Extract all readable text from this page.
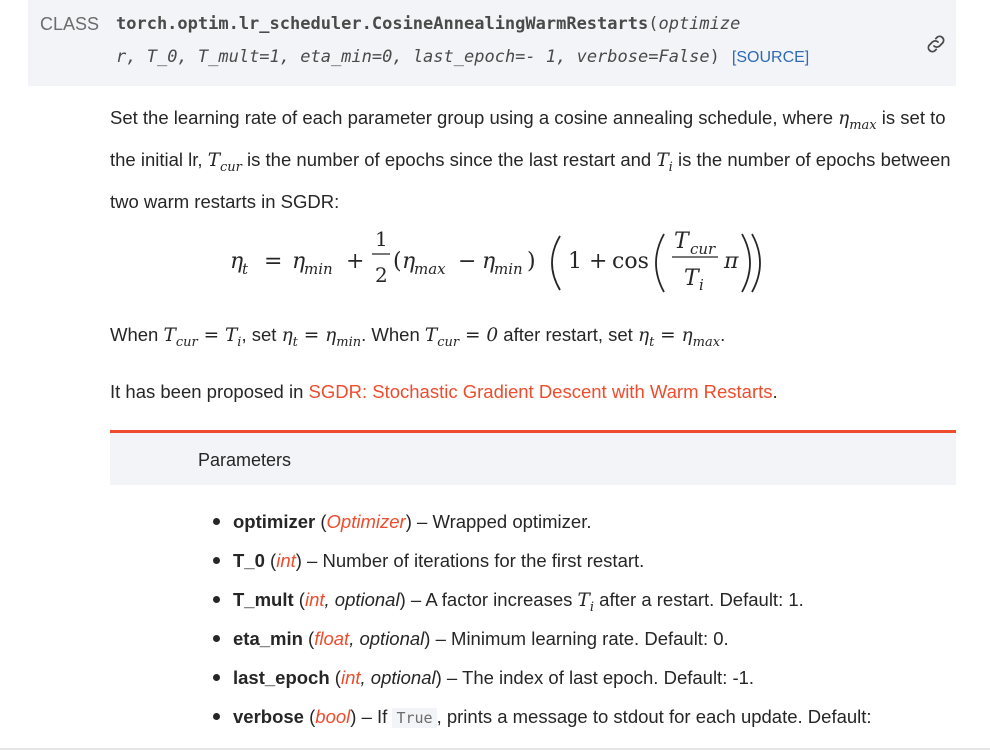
CLASS torch.optim.lr_scheduler.CosineAnnealingWarmRestarts(optimize
r, T_0, T_mult=1, eta_min=0, last_epoch=- 1, verbose=False) [SOURCE]
Set the learning rate of each parameter group using a cosine annealing schedule, where $\eta_{max}$ is set to the initial lr, $T_{cur}$ is the number of epochs since the last restart and $T_i$ is the number of epochs between two warm restarts in SGDR:
η
t = η
min +
1
2
( η
max − η
min ) 1 + cos
T cur
T i
π
When $T_{cur} = T_i$, set $\eta_t = \eta_{min}$. When $T_{cur} = 0$ after restart, set $\eta_t = \eta_{max}$.
It has been proposed in SGDR: Stochastic Gradient Descent with Warm Restarts.
Parameters
optimizer (Optimizer) – Wrapped optimizer.
T_0 (int) – Number of iterations for the first restart.
T_mult (int, optional) – A factor increases $T_i$ after a restart. Default: 1.
eta_min (float, optional) – Minimum learning rate. Default: 0.
last_epoch (int, optional) – The index of last epoch. Default: -1.
verbose (bool) – If True , prints a message to stdout for each update. Default:
